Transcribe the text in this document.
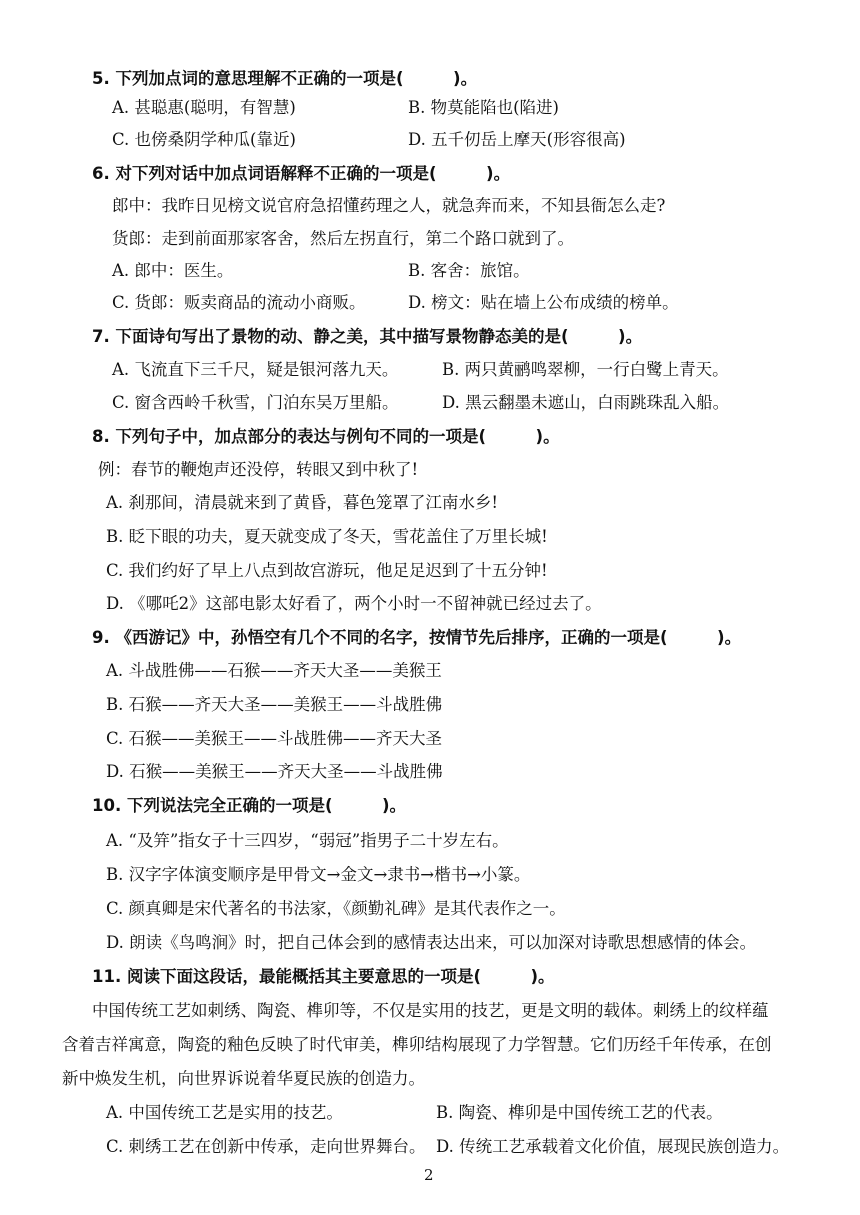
5. 下列加点词的意思理解不正确的一项是(　　　)。
A. 甚聪惠(聪明，有智慧)	B. 物莫能陷也(陷进)
C. 也傍桑阴学种瓜(靠近)	D. 五千仞岳上摩天(形容很高)
6. 对下列对话中加点词语解释不正确的一项是(　　　)。
郎中：我昨日见榜文说官府急招懂药理之人，就急奔而来，不知县衙怎么走?
货郎：走到前面那家客舍，然后左拐直行，第二个路口就到了。
A. 郎中：医生。	B. 客舍：旅馆。
C. 货郎：贩卖商品的流动小商贩。	D. 榜文：贴在墙上公布成绩的榜单。
7. 下面诗句写出了景物的动、静之美，其中描写景物静态美的是(　　　)。
A. 飞流直下三千尺，疑是银河落九天。	B. 两只黄鹂鸣翠柳，一行白鹭上青天。
C. 窗含西岭千秋雪，门泊东吴万里船。	D. 黑云翻墨未遮山，白雨跳珠乱入船。
8. 下列句子中，加点部分的表达与例句不同的一项是(　　　)。
例：春节的鞭炮声还没停，转眼又到中秋了!
A. 刹那间，清晨就来到了黄昏，暮色笼罩了江南水乡!
B. 眨下眼的功夫，夏天就变成了冬天，雪花盖住了万里长城!
C. 我们约好了早上八点到故宫游玩，他足足迟到了十五分钟!
D. 《哪吒2》这部电影太好看了，两个小时一不留神就已经过去了。
9. 《西游记》中，孙悟空有几个不同的名字，按情节先后排序，正确的一项是(　　　)。
A. 斗战胜佛——石猴——齐天大圣——美猴王
B. 石猴——齐天大圣——美猴王——斗战胜佛
C. 石猴——美猴王——斗战胜佛——齐天大圣
D. 石猴——美猴王——齐天大圣——斗战胜佛
10. 下列说法完全正确的一项是(　　　)。
A. “及笄”指女子十三四岁，“弱冠”指男子二十岁左右。
B. 汉字字体演变顺序是甲骨文→金文→隶书→楷书→小篆。
C. 颜真卿是宋代著名的书法家，《颜勤礼碑》是其代表作之一。
D. 朗读《鸟鸣涧》时，把自己体会到的感情表达出来，可以加深对诗歌思想感情的体会。
11. 阅读下面这段话，最能概括其主要意思的一项是(　　　)。
中国传统工艺如刺绣、陶瓷、榫卯等，不仅是实用的技艺，更是文明的载体。刺绣上的纹样蕴
含着吉祥寓意，陶瓷的釉色反映了时代审美，榫卯结构展现了力学智慧。它们历经千年传承，在创
新中焕发生机，向世界诉说着华夏民族的创造力。
A. 中国传统工艺是实用的技艺。	B. 陶瓷、榫卯是中国传统工艺的代表。
C. 刺绣工艺在创新中传承，走向世界舞台。 D. 传统工艺承载着文化价值，展现民族创造力。
2
